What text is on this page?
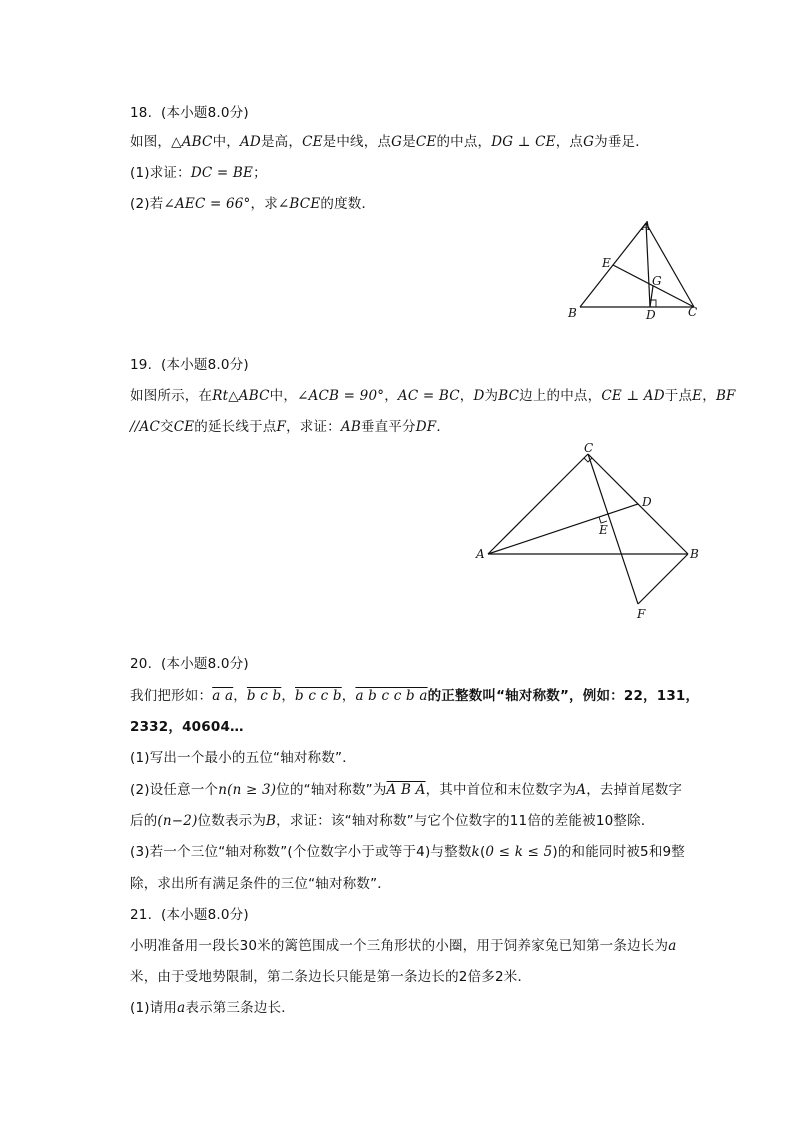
18.  (本小题8.0分)
如图，△ABC中，AD是高，CE是中线，点G是CE的中点，DG ⊥ CE，点G为垂足．
(1)求证：DC = BE；
(2)若∠AEC = 66°，求∠BCE的度数．
A
E
G
B	D	C
19.  (本小题8.0分)
如图所示，在Rt△ABC中，∠ACB = 90°，AC = BC，D为BC边上的中点，CE ⊥ AD于点E，BF
//AC交CE的延长线于点F，求证：AB垂直平分DF．
C
D
E
A	B
F
20.  (本小题8.0分)
我们把形如：a a，b c b，b c c b，a b c c b a的正整数叫“轴对称数”，例如：22，131，
2332，40604…
(1)写出一个最小的五位“轴对称数”．
(2)设任意一个n(n ≥ 3)位的“轴对称数”为A B A，其中首位和末位数字为A，去掉首尾数字
后的(n−2)位数表示为B，求证：该“轴对称数”与它个位数字的11倍的差能被10整除．
(3)若一个三位“轴对称数”(个位数字小于或等于4)与整数k(0 ≤ k ≤ 5)的和能同时被5和9整
除，求出所有满足条件的三位“轴对称数”．
21.  (本小题8.0分)
小明准备用一段长30米的篱笆围成一个三角形状的小圈，用于饲养家兔已知第一条边长为a
米，由于受地势限制，第二条边长只能是第一条边长的2倍多2米．
(1)请用a表示第三条边长．
